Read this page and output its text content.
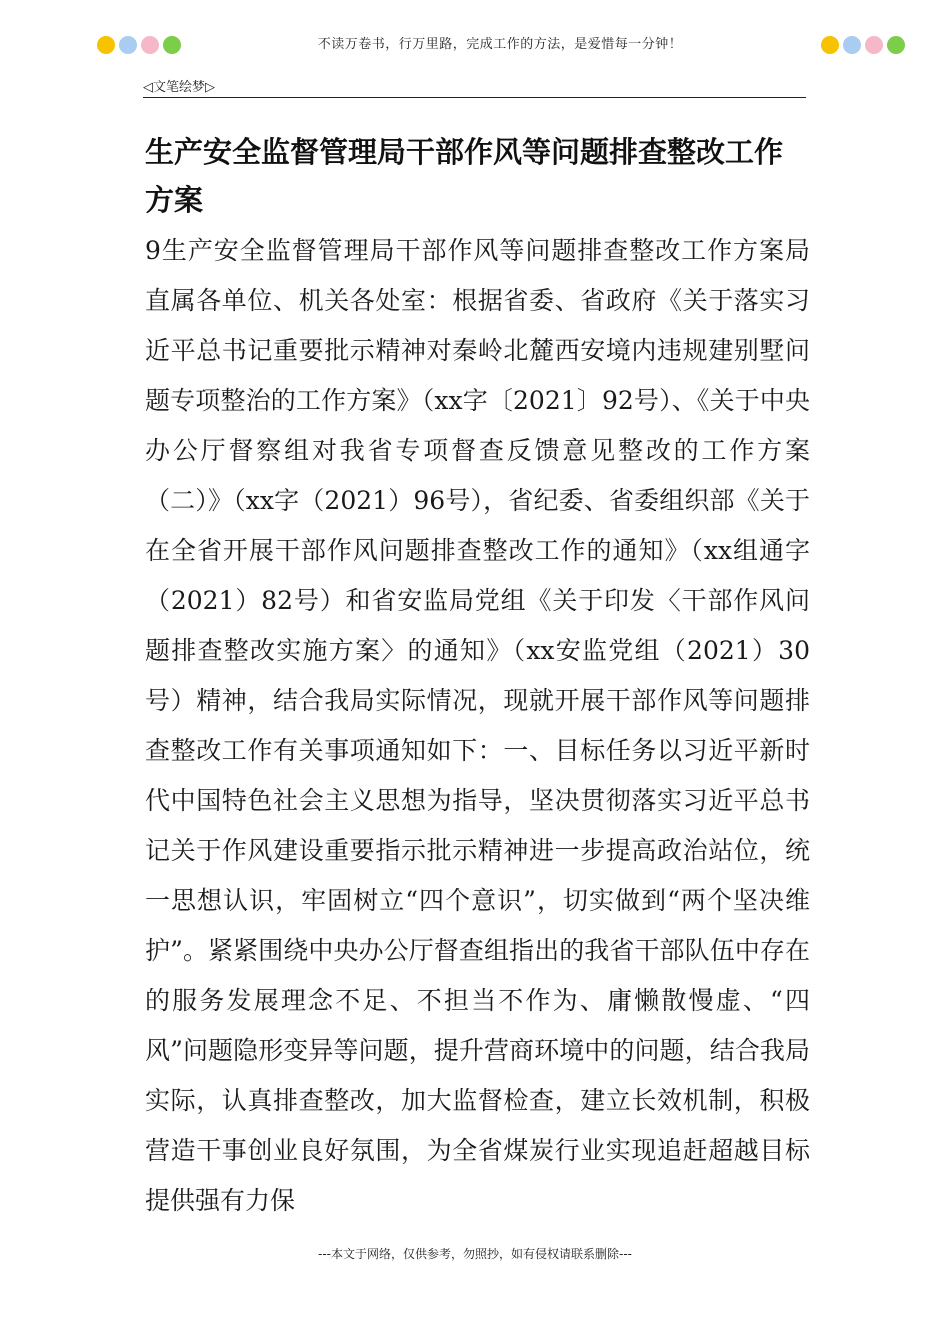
不读万卷书，行万里路，完成工作的方法，是爱惜每一分钟！
◁文笔绘梦▷
生产安全监督管理局干部作风等问题排查整改工作方案

9生产安全监督管理局干部作风等问题排查整改工作方案局直属各单位、机关各处室：根据省委、省政府《关于落实习近平总书记重要批示精神对秦岭北麓西安境内违规建别墅问题专项整治的工作方案》（xx字〔2021〕92号）、《关于中央办公厅督察组对我省专项督查反馈意见整改的工作方案（二）》（xx字（2021）96号），省纪委、省委组织部《关于在全省开展干部作风问题排查整改工作的通知》（xx组通字（2021）82号）和省安监局党组《关于印发〈干部作风问题排查整改实施方案〉的通知》（xx安监党组（2021）30号）精神，结合我局实际情况，现就开展干部作风等问题排查整改工作有关事项通知如下：一、目标任务以习近平新时代中国特色社会主义思想为指导，坚决贯彻落实习近平总书记关于作风建设重要指示批示精神进一步提高政治站位，统一思想认识，牢固树立“四个意识”，切实做到“两个坚决维护”。紧紧围绕中央办公厅督查组指出的我省干部队伍中存在的服务发展理念不足、不担当不作为、庸懒散慢虚、“四风”问题隐形变异等问题，提升营商环境中的问题，结合我局实际，认真排查整改，加大监督检查，建立长效机制，积极营造干事创业良好氛围，为全省煤炭行业实现追赶超越目标提供强有力保

---本文于网络，仅供参考，勿照抄，如有侵权请联系删除---
